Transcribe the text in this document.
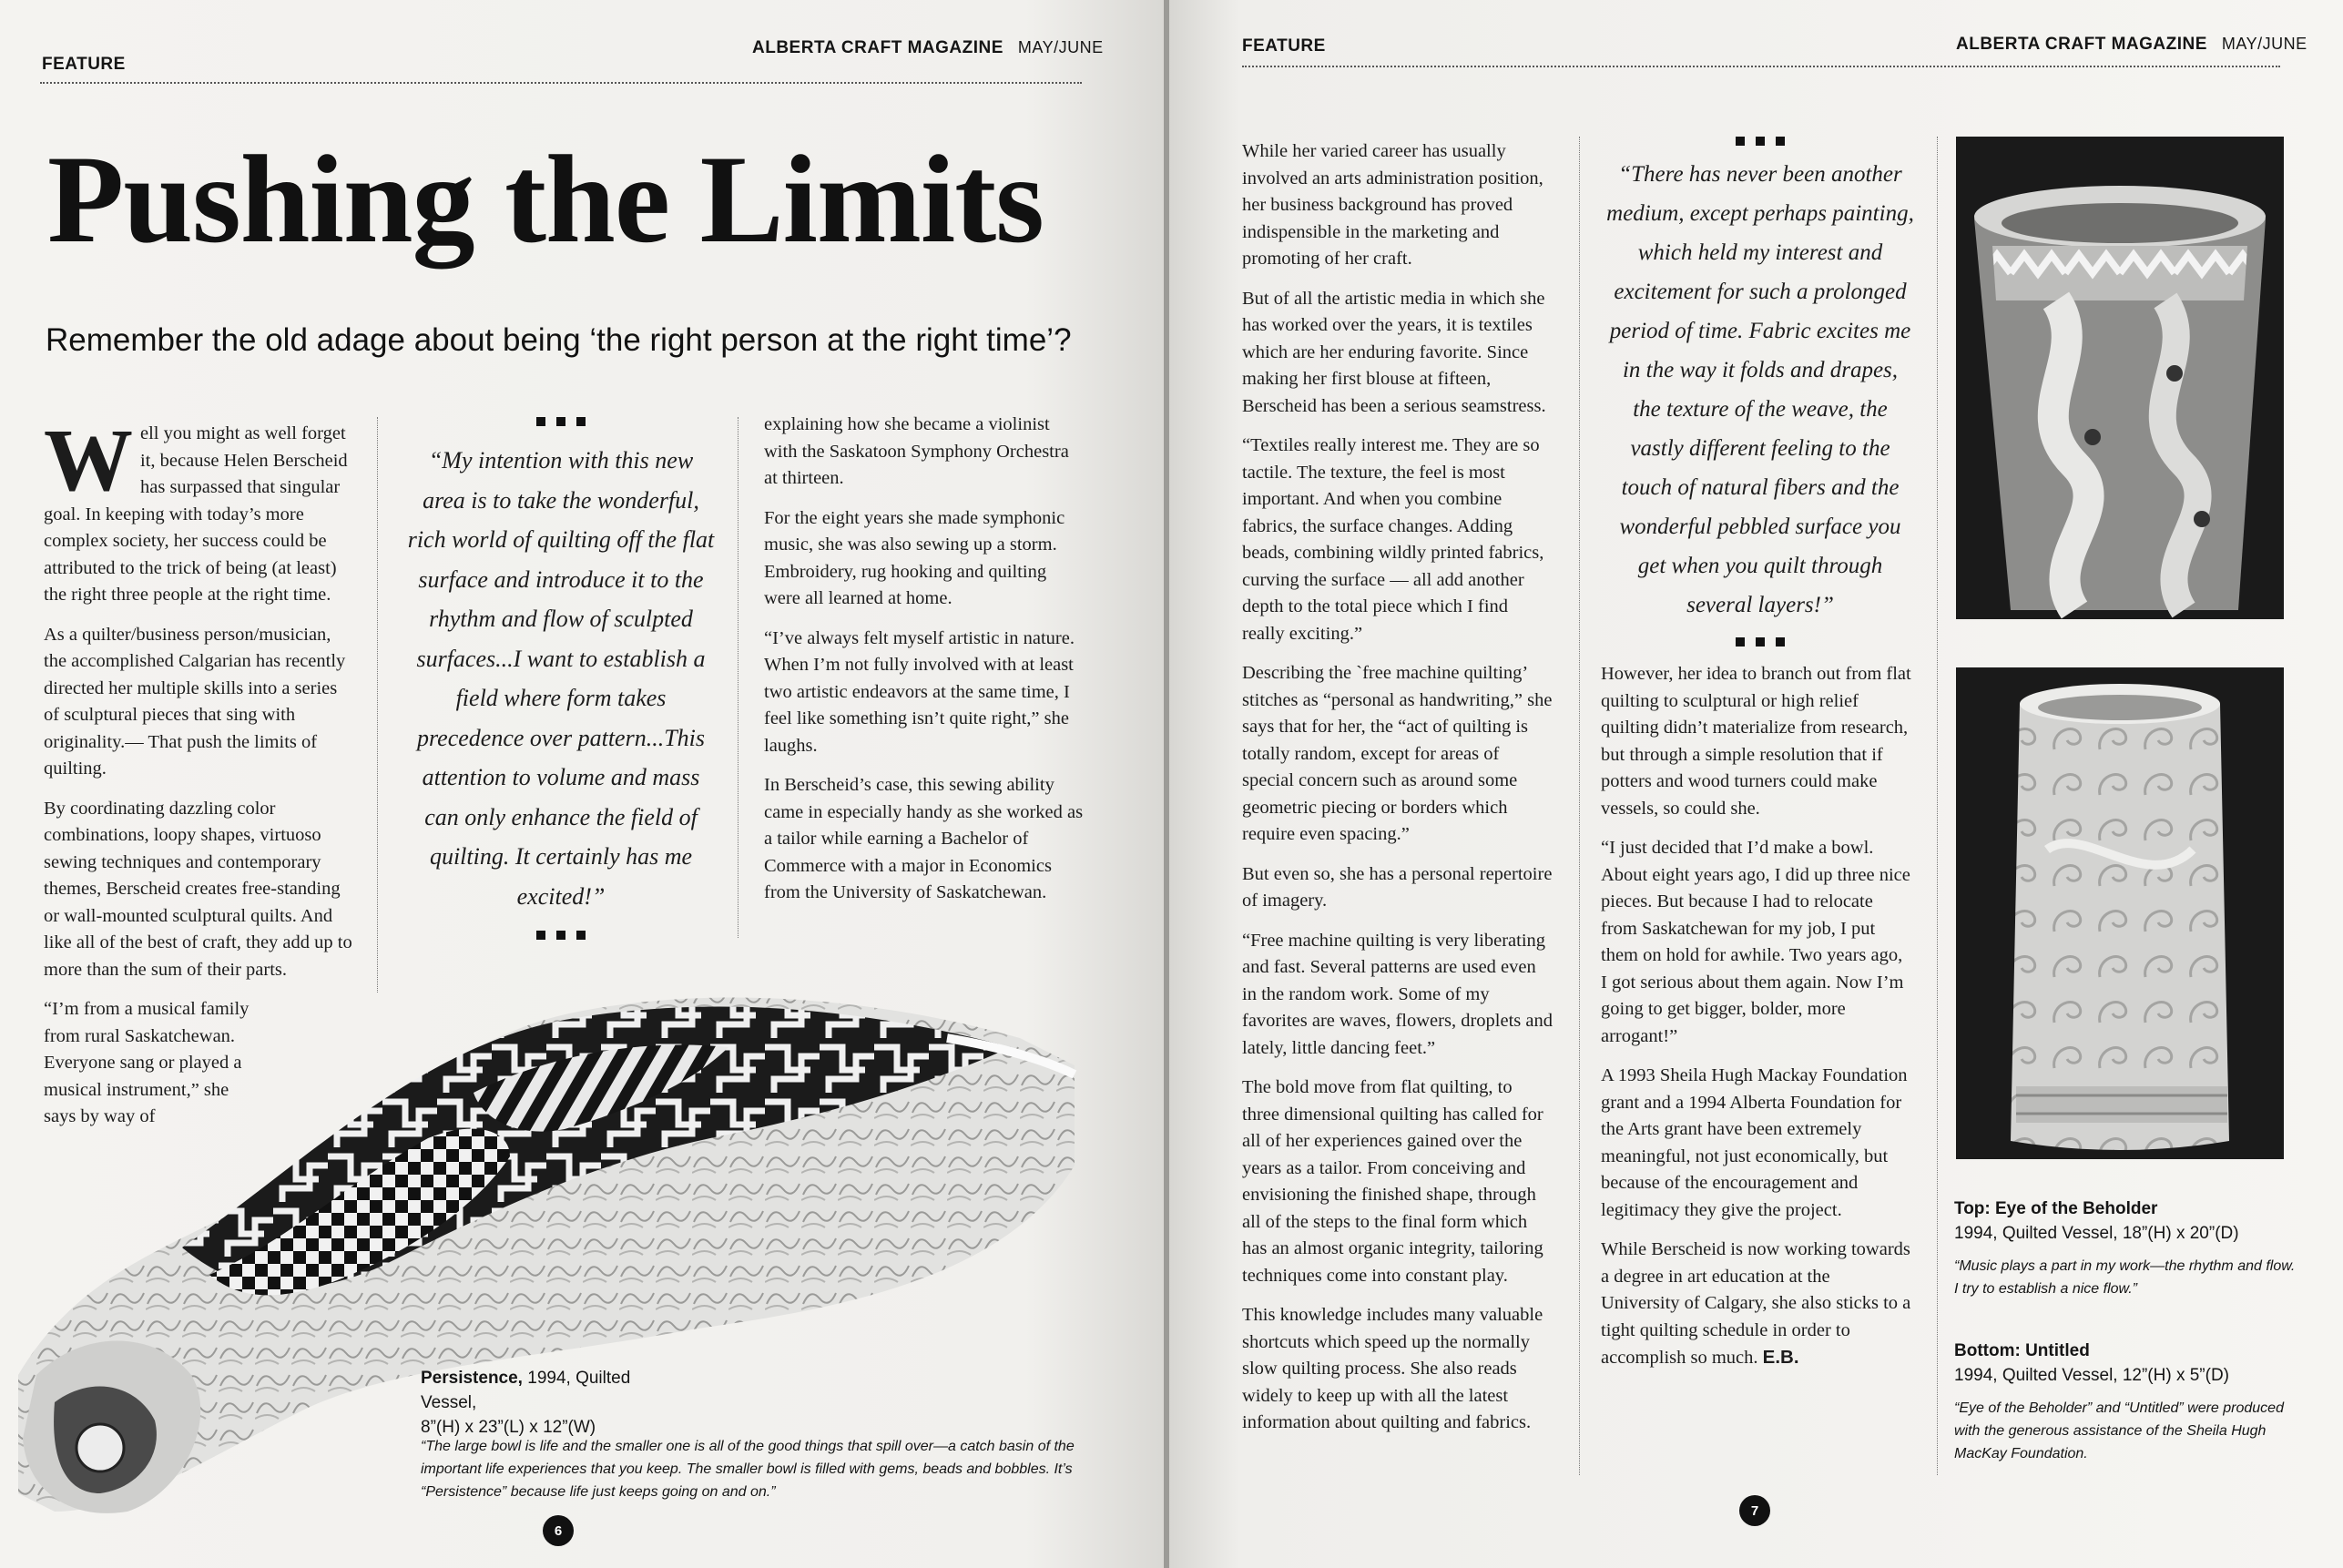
FEATURE
ALBERTA CRAFT MAGAZINE MAY/JUNE
Pushing the Limits
Remember the old adage about being ‘the right person at the right time’?

Well you might as well forget it, because Helen Berscheid has surpassed that singular goal. In keeping with today’s more complex society, her success could be attributed to the trick of being (at least) the right three people at the right time.

As a quilter/business person/musician, the accomplished Calgarian has recently directed her multiple skills into a series of sculptural pieces that sing with originality.— That push the limits of quilting.

By coordinating dazzling color combinations, loopy shapes, virtuoso sewing techniques and contemporary themes, Berscheid creates free-standing or wall-mounted sculptural quilts. And like all of the best of craft, they add up to more than the sum of their parts.

“I’m from a musical family from rural Saskatchewan. Everyone sang or played a musical instrument,” she says by way of

“My intention with this new area is to take the wonderful, rich world of quilting off the flat surface and introduce it to the rhythm and flow of sculpted surfaces...I want to establish a field where form takes precedence over pattern...This attention to volume and mass can only enhance the field of quilting. It certainly has me excited!”

explaining how she became a violinist with the Saskatoon Symphony Orchestra at thirteen.

For the eight years she made symphonic music, she was also sewing up a storm. Embroidery, rug hooking and quilting were all learned at home.

“I’ve always felt myself artistic in nature. When I’m not fully involved with at least two artistic endeavors at the same time, I feel like something isn’t quite right,” she laughs.

In Berscheid’s case, this sewing ability came in especially handy as she worked as a tailor while earning a Bachelor of Commerce with a major in Economics from the University of Saskatchewan.

Persistence, 1994, Quilted Vessel,
8”(H) x 23”(L) x 12”(W)
“The large bowl is life and the smaller one is all of the good things that spill over—a catch basin of the important life experiences that you keep. The smaller bowl is filled with gems, beads and bobbles. It’s “Persistence” because life just keeps going on and on.”
6
FEATURE	ALBERTA CRAFT MAGAZINE MAY/JUNE

While her varied career has usually involved an arts administration position, her business background has proved indispensible in the marketing and promoting of her craft.

But of all the artistic media in which she has worked over the years, it is textiles which are her enduring favorite. Since making her first blouse at fifteen, Berscheid has been a serious seamstress.

“Textiles really interest me. They are so tactile. The texture, the feel is most important. And when you combine fabrics, the surface changes. Adding beads, combining wildly printed fabrics, curving the surface — all add another depth to the total piece which I find really exciting.”

Describing the `free machine quilting’ stitches as “personal as handwriting,” she says that for her, the “act of quilting is totally random, except for areas of special concern such as around some geometric piecing or borders which require even spacing.”

But even so, she has a personal repertoire of imagery.

“Free machine quilting is very liberating and fast. Several patterns are used even in the random work. Some of my favorites are waves, flowers, droplets and lately, little dancing feet.”

The bold move from flat quilting, to three dimensional quilting has called for all of her experiences gained over the years as a tailor. From conceiving and envisioning the finished shape, through all of the steps to the final form which has an almost organic integrity, tailoring techniques come into constant play.

This knowledge includes many valuable shortcuts which speed up the normally slow quilting process. She also reads widely to keep up with all the latest information about quilting and fabrics.

“There has never been another medium, except perhaps painting, which held my interest and excitement for such a prolonged period of time. Fabric excites me in the way it folds and drapes, the texture of the weave, the vastly different feeling to the touch of natural fibers and the wonderful pebbled surface you get when you quilt through several layers!”

However, her idea to branch out from flat quilting to sculptural or high relief quilting didn’t materialize from research, but through a simple resolution that if potters and wood turners could make vessels, so could she.

“I just decided that I’d make a bowl. About eight years ago, I did up three nice pieces. But because I had to relocate from Saskatchewan for my job, I put them on hold for awhile. Two years ago, I got serious about them again. Now I’m going to get bigger, bolder, more arrogant!”

A 1993 Sheila Hugh Mackay Foundation grant and a 1994 Alberta Foundation for the Arts grant have been extremely meaningful, not just economically, but because of the encouragement and legitimacy they give the project.

While Berscheid is now working towards a degree in art education at the University of Calgary, she also sticks to a tight quilting schedule in order to accomplish so much. E.B.

Top: Eye of the Beholder
1994, Quilted Vessel, 18”(H) x 20”(D)
“Music plays a part in my work—the rhythm and flow. I try to establish a nice flow.”
Bottom: Untitled
1994, Quilted Vessel, 12”(H) x 5”(D)
“Eye of the Beholder” and “Untitled” were produced with the generous assistance of the Sheila Hugh MacKay Foundation.
7
